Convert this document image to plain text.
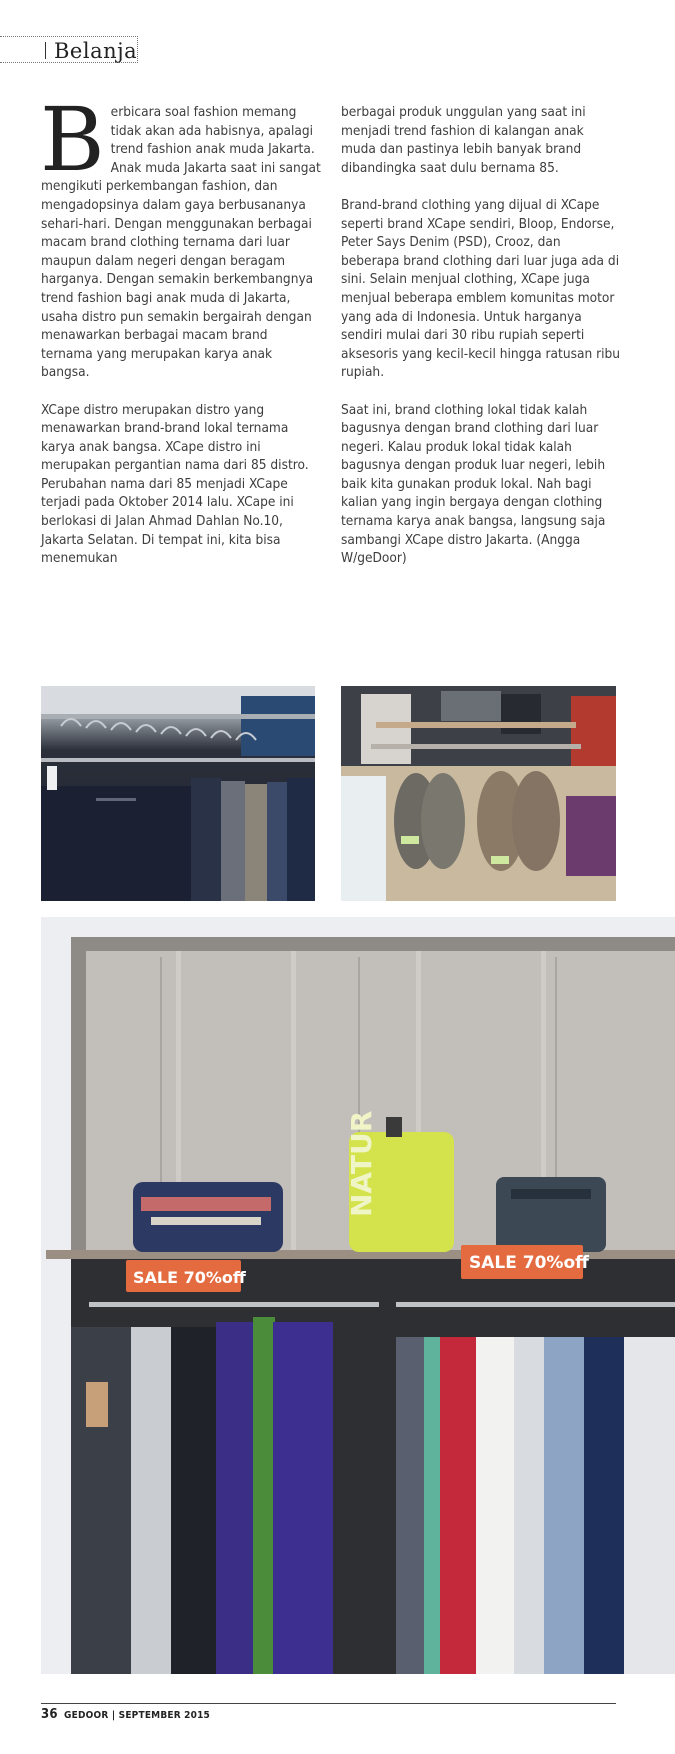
Belanja

Berbicara soal fashion memang tidak akan ada habisnya, apalagi trend fashion anak muda Jakarta. Anak muda Jakarta saat ini sangat mengikuti perkembangan fashion, dan mengadopsinya dalam gaya berbusananya sehari-hari. Dengan menggunakan berbagai macam brand clothing ternama dari luar maupun dalam negeri dengan beragam harganya. Dengan semakin berkembangnya trend fashion bagi anak muda di Jakarta, usaha distro pun semakin bergairah dengan menawarkan berbagai macam brand ternama yang merupakan karya anak bangsa.

XCape distro merupakan distro yang menawarkan brand-brand lokal ternama karya anak bangsa. XCape distro ini merupakan pergantian nama dari 85 distro. Perubahan nama dari 85 menjadi XCape terjadi pada Oktober 2014 lalu. XCape ini berlokasi di Jalan Ahmad Dahlan No.10, Jakarta Selatan. Di tempat ini, kita bisa menemukan

berbagai produk unggulan yang saat ini menjadi trend fashion di kalangan anak muda dan pastinya lebih banyak brand dibandingka saat dulu bernama 85.

Brand-brand clothing yang dijual di XCape seperti brand XCape sendiri, Bloop, Endorse, Peter Says Denim (PSD), Crooz, dan beberapa brand clothing dari luar juga ada di sini. Selain menjual clothing, XCape juga menjual beberapa emblem komunitas motor yang ada di Indonesia. Untuk harganya sendiri mulai dari 30 ribu rupiah seperti aksesoris yang kecil-kecil hingga ratusan ribu rupiah.

Saat ini, brand clothing lokal tidak kalah bagusnya dengan brand clothing dari luar negeri. Kalau produk lokal tidak kalah bagusnya dengan produk luar negeri, lebih baik kita gunakan produk lokal. Nah bagi kalian yang ingin bergaya dengan clothing ternama karya anak bangsa, langsung saja sambangi XCape distro Jakarta. (Angga W/geDoor)

NATUR
SALE 70%off
SALE 70%off
36 GEDOOR | SEPTEMBER 2015
